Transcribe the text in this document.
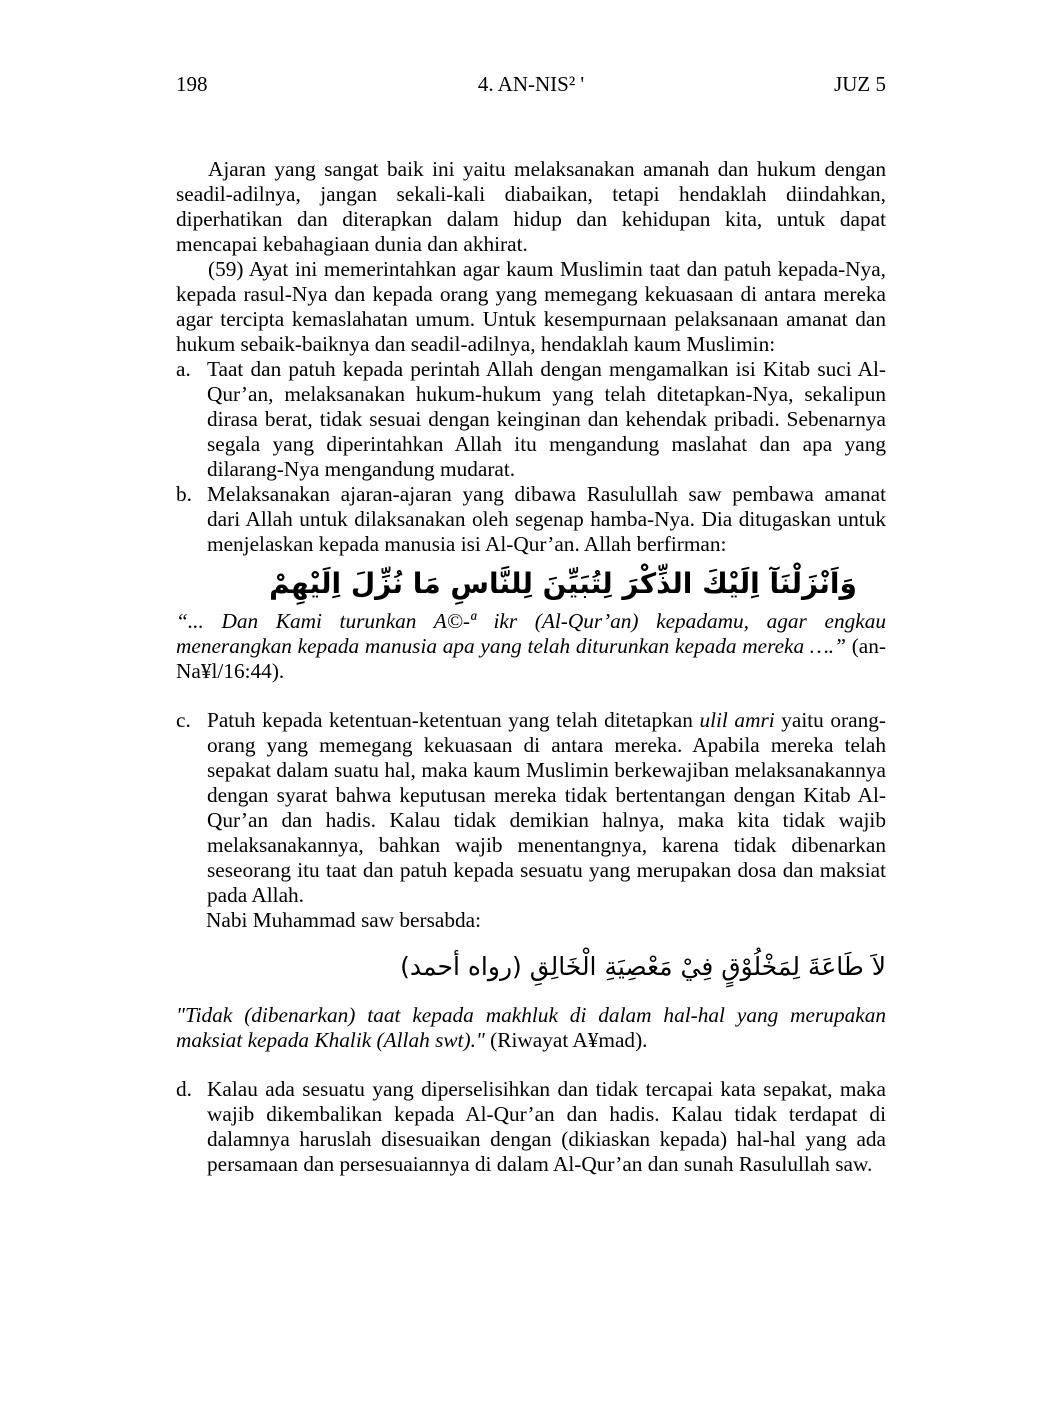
4. AN-NIS² '
198	JUZ 5

Ajaran yang sangat baik ini yaitu melaksanakan amanah dan hukum dengan seadil-adilnya, jangan sekali-kali diabaikan, tetapi hendaklah diindahkan, diperhatikan dan diterapkan dalam hidup dan kehidupan kita, untuk dapat mencapai kebahagiaan dunia dan akhirat.

(59) Ayat ini memerintahkan agar kaum Muslimin taat dan patuh kepada-Nya, kepada rasul-Nya dan kepada orang yang memegang kekuasaan di antara mereka agar tercipta kemaslahatan umum. Untuk kesempurnaan pelaksanaan amanat dan hukum sebaik-baiknya dan seadil-adilnya, hendaklah kaum Muslimin:

a. Taat dan patuh kepada perintah Allah dengan mengamalkan isi Kitab suci Al-Qur’an, melaksanakan hukum-hukum yang telah ditetapkan-Nya, sekalipun dirasa berat, tidak sesuai dengan keinginan dan kehendak pribadi. Sebenarnya segala yang diperintahkan Allah itu mengandung maslahat dan apa yang dilarang-Nya mengandung mudarat.
b. Melaksanakan ajaran-ajaran yang dibawa Rasulullah saw pembawa amanat dari Allah untuk dilaksanakan oleh segenap hamba-Nya. Dia ditugaskan untuk menjelaskan kepada manusia isi Al-Qur’an. Allah berfirman:
وَاَنْزَلْنَآ اِلَيْكَ الذِّكْرَ لِتُبَيِّنَ لِلنَّاسِ مَا نُزِّلَ اِلَيْهِمْ

“... Dan Kami turunkan A©-ª ikr (Al-Qur’an) kepadamu, agar engkau menerangkan kepada manusia apa yang telah diturunkan kepada mereka ….” (an-Na¥l/16:44).

c. Patuh kepada ketentuan-ketentuan yang telah ditetapkan ulil amri yaitu orang-orang yang memegang kekuasaan di antara mereka. Apabila mereka telah sepakat dalam suatu hal, maka kaum Muslimin berkewajiban melaksanakannya dengan syarat bahwa keputusan mereka tidak bertentangan dengan Kitab Al-Qur’an dan hadis. Kalau tidak demikian halnya, maka kita tidak wajib melaksanakannya, bahkan wajib menentangnya, karena tidak dibenarkan seseorang itu taat dan patuh kepada sesuatu yang merupakan dosa dan maksiat pada Allah.

Nabi Muhammad saw bersabda:

لاَ طَاعَةَ لِمَخْلُوْقٍ فِيْ مَعْصِيَةِ الْخَالِقِ (رواه أحمد)

"Tidak (dibenarkan) taat kepada makhluk di dalam hal-hal yang merupakan maksiat kepada Khalik (Allah swt)." (Riwayat A¥mad).

d. Kalau ada sesuatu yang diperselisihkan dan tidak tercapai kata sepakat, maka wajib dikembalikan kepada Al-Qur’an dan hadis. Kalau tidak terdapat di dalamnya haruslah disesuaikan dengan (dikiaskan kepada) hal-hal yang ada persamaan dan persesuaiannya di dalam Al-Qur’an dan sunah Rasulullah saw.
